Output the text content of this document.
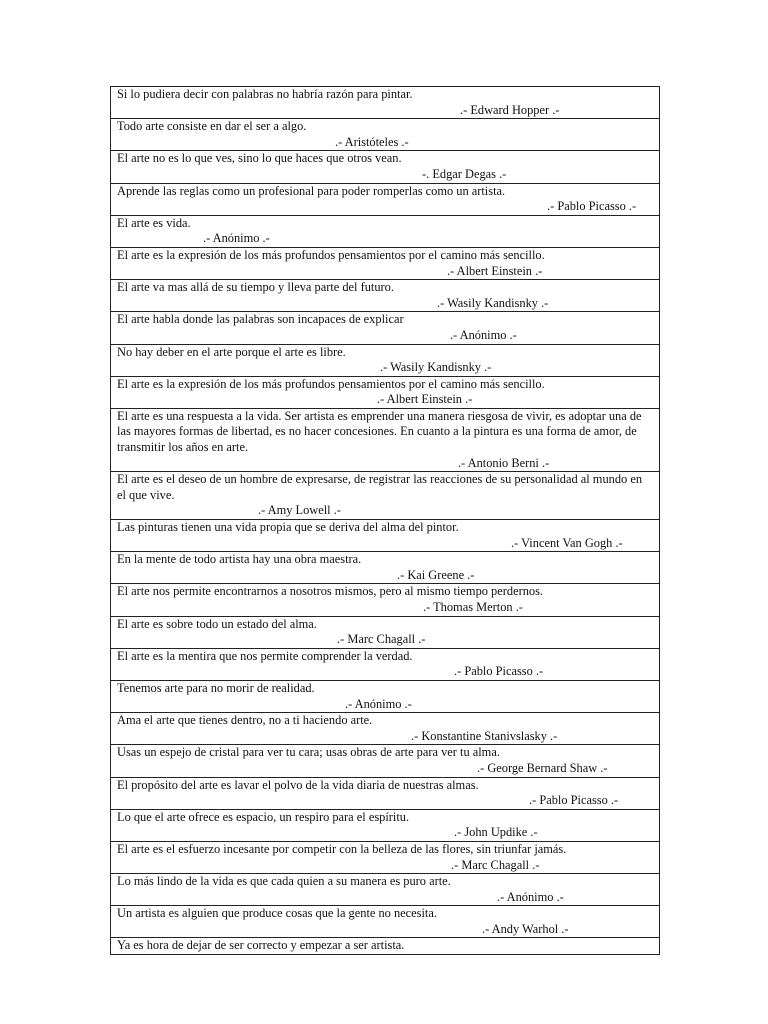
Si lo pudiera decir con palabras no habría razón para pintar.
.- Edward Hopper .-
Todo arte consiste en dar el ser a algo.
.- Aristóteles .-
El arte no es lo que ves, sino lo que haces que otros vean.
-. Edgar Degas .-
Aprende las reglas como un profesional para poder romperlas como un artista.
.- Pablo Picasso .-
El arte es vida.
.- Anónimo .-
El arte es la expresión de los más profundos pensamientos por el camino más sencillo.
.- Albert Einstein .-
El arte va mas allá de su tiempo y lleva parte del futuro.
.- Wasily Kandisnky .-
El arte habla donde las palabras son incapaces de explicar
.- Anónimo .-
No hay deber en el arte porque el arte es libre.
.- Wasily Kandisnky .-
El arte es la expresión de los más profundos pensamientos por el camino más sencillo.
.- Albert Einstein .-
El arte es una respuesta a la vida. Ser artista es emprender una manera riesgosa de vivir, es adoptar una de las mayores formas de libertad, es no hacer concesiones. En cuanto a la pintura es una forma de amor, de transmitir los años en arte.
.- Antonio Berni .-
El arte es el deseo de un hombre de expresarse, de registrar las reacciones de su personalidad al mundo en el que vive.
.- Amy Lowell .-
Las pinturas tienen una vida propia que se deriva del alma del pintor.
.- Vincent Van Gogh .-
En la mente de todo artista hay una obra maestra.
.- Kai Greene .-
El arte nos permite encontrarnos a nosotros mismos, pero al mismo tiempo perdernos.
.- Thomas Merton .-
El arte es sobre todo un estado del alma.
.- Marc Chagall .-
El arte es la mentira que nos permite comprender la verdad.
.- Pablo Picasso .-
Tenemos arte para no morir de realidad.
.- Anónimo .-
Ama el arte que tienes dentro, no a ti haciendo arte.
.- Konstantine Stanivslasky .-
Usas un espejo de cristal para ver tu cara; usas obras de arte para ver tu alma.
.- George Bernard Shaw .-
El propósito del arte es lavar el polvo de la vida diaria de nuestras almas.
.- Pablo Picasso .-
Lo que el arte ofrece es espacio, un respiro para el espíritu.
.- John Updike .-
El arte es el esfuerzo incesante por competir con la belleza de las flores, sin triunfar jamás.
.- Marc Chagall .-
Lo más lindo de la vida es que cada quien a su manera es puro arte.
.- Anónimo .-
Un artista es alguien que produce cosas que la gente no necesita.
.- Andy Warhol .-
Ya es hora de dejar de ser correcto y empezar a ser artista.
